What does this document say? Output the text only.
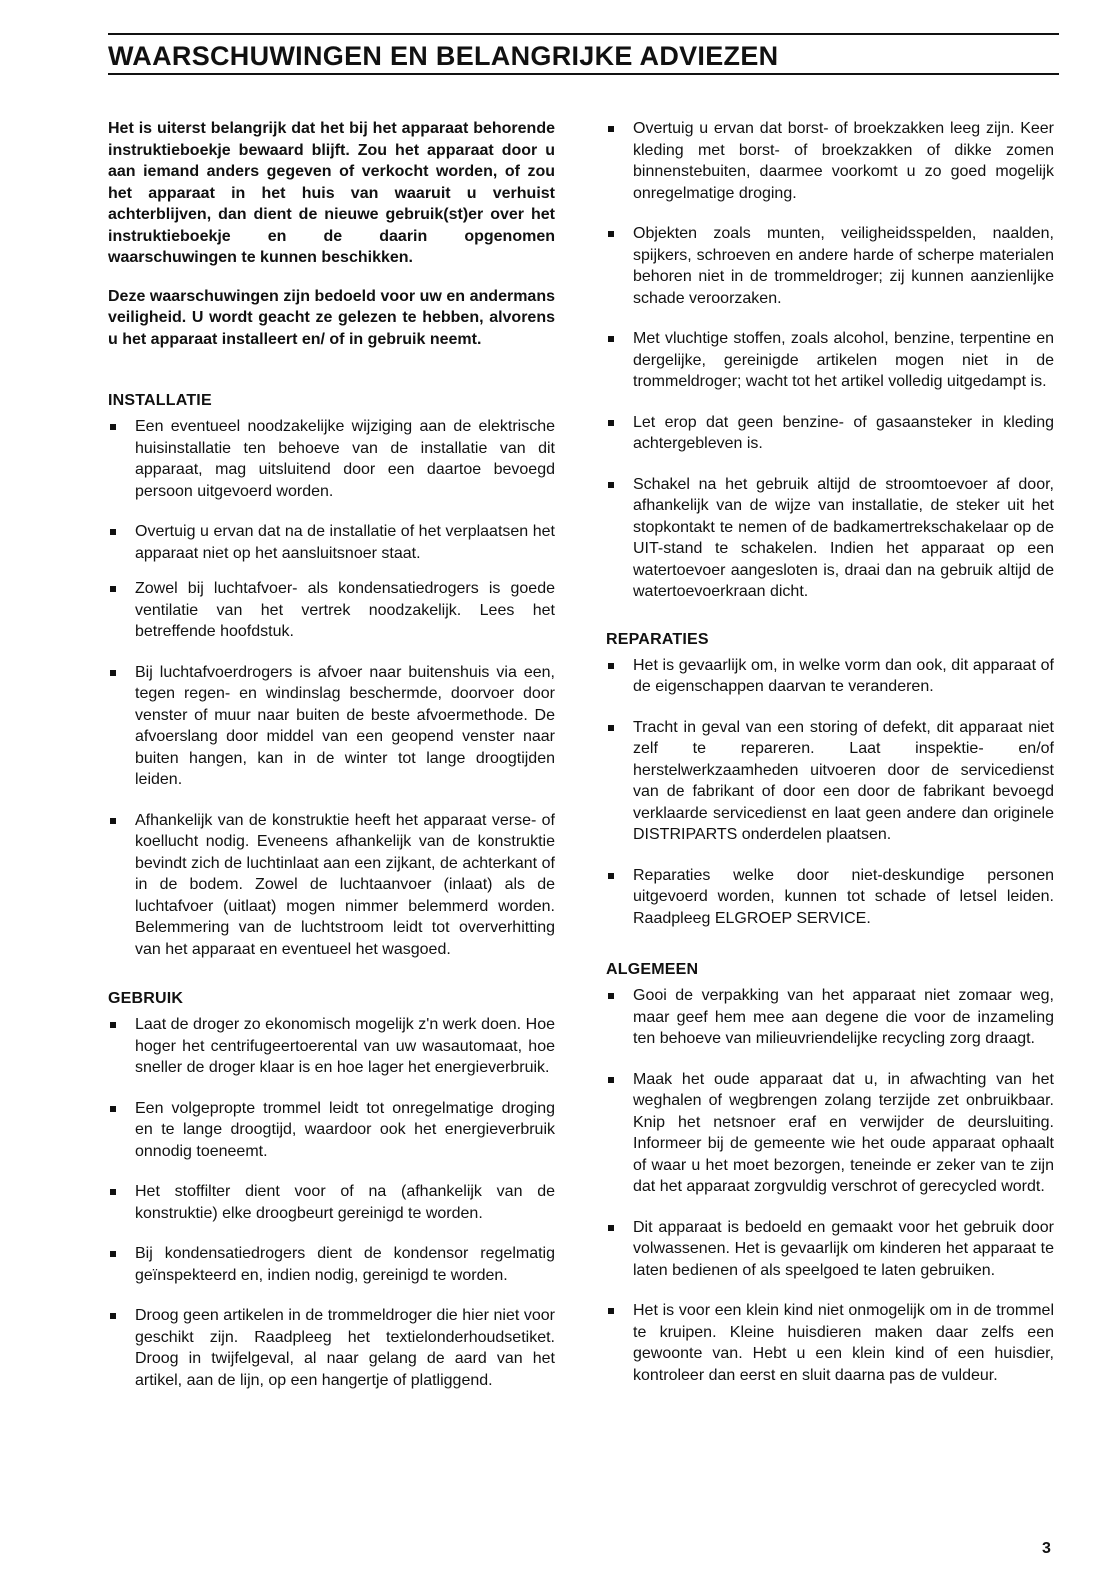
WAARSCHUWINGEN EN BELANGRIJKE ADVIEZEN

Het is uiterst belangrijk dat het bij het apparaat behorende instruktieboekje bewaard blijft. Zou het apparaat door u aan iemand anders gegeven of verkocht worden, of zou het apparaat in het huis van waaruit u verhuist achterblijven, dan dient de nieuwe gebruik(st)er over het instruktieboekje en de daarin opgenomen waarschuwingen te kunnen beschikken.

Deze waarschuwingen zijn bedoeld voor uw en andermans veiligheid. U wordt geacht ze gelezen te hebben, alvorens u het apparaat installeert en/ of in gebruik neemt.

INSTALLATIE
Een eventueel noodzakelijke wijziging aan de elektrische huisinstallatie ten behoeve van de installatie van dit apparaat, mag uitsluitend door een daartoe bevoegd persoon uitgevoerd worden.
Overtuig u ervan dat na de installatie of het verplaatsen het apparaat niet op het aansluitsnoer staat.
Zowel bij luchtafvoer- als kondensatiedrogers is goede ventilatie van het vertrek noodzakelijk. Lees het betreffende hoofdstuk.
Bij luchtafvoerdrogers is afvoer naar buitenshuis via een, tegen regen- en windinslag beschermde, doorvoer door venster of muur naar buiten de beste afvoermethode. De afvoerslang door middel van een geopend venster naar buiten hangen, kan in de winter tot lange droogtijden leiden.
Afhankelijk van de konstruktie heeft het apparaat verse- of koellucht nodig. Eveneens afhankelijk van de konstruktie bevindt zich de luchtinlaat aan een zijkant, de achterkant of in de bodem. Zowel de luchtaanvoer (inlaat) als de luchtafvoer (uitlaat) mogen nimmer belemmerd worden. Belemmering van de luchtstroom leidt tot oververhitting van het apparaat en eventueel het wasgoed.
GEBRUIK
Laat de droger zo ekonomisch mogelijk z'n werk doen. Hoe hoger het centrifugeertoerental van uw wasautomaat, hoe sneller de droger klaar is en hoe lager het energieverbruik.
Een volgepropte trommel leidt tot onregelmatige droging en te lange droogtijd, waardoor ook het energieverbruik onnodig toeneemt.
Het stoffilter dient voor of na (afhankelijk van de konstruktie) elke droogbeurt gereinigd te worden.
Bij kondensatiedrogers dient de kondensor regelmatig geïnspekteerd en, indien nodig, gereinigd te worden.
Droog geen artikelen in de trommeldroger die hier niet voor geschikt zijn. Raadpleeg het textielonderhoudsetiket. Droog in twijfelgeval, al naar gelang de aard van het artikel, aan de lijn, op een hangertje of platliggend.
Overtuig u ervan dat borst- of broekzakken leeg zijn. Keer kleding met borst- of broekzakken of dikke zomen binnenstebuiten, daarmee voorkomt u zo goed mogelijk onregelmatige droging.
Objekten zoals munten, veiligheidsspelden, naalden, spijkers, schroeven en andere harde of scherpe materialen behoren niet in de trommeldroger; zij kunnen aanzienlijke schade veroorzaken.
Met vluchtige stoffen, zoals alcohol, benzine, terpentine en dergelijke, gereinigde artikelen mogen niet in de trommeldroger; wacht tot het artikel volledig uitgedampt is.
Let erop dat geen benzine- of gasaansteker in kleding achtergebleven is.
Schakel na het gebruik altijd de stroomtoevoer af door, afhankelijk van de wijze van installatie, de steker uit het stopkontakt te nemen of de badkamertrekschakelaar op de UIT-stand te schakelen. Indien het apparaat op een watertoevoer aangesloten is, draai dan na gebruik altijd de watertoevoerkraan dicht.
REPARATIES
Het is gevaarlijk om, in welke vorm dan ook, dit apparaat of de eigenschappen daarvan te veranderen.
Tracht in geval van een storing of defekt, dit apparaat niet zelf te repareren. Laat inspektie- en/of herstelwerkzaamheden uitvoeren door de servicedienst van de fabrikant of door een door de fabrikant bevoegd verklaarde servicedienst en laat geen andere dan originele DISTRIPARTS onderdelen plaatsen.
Reparaties welke door niet-deskundige personen uitgevoerd worden, kunnen tot schade of letsel leiden. Raadpleeg ELGROEP SERVICE.
ALGEMEEN
Gooi de verpakking van het apparaat niet zomaar weg, maar geef hem mee aan degene die voor de inzameling ten behoeve van milieuvriendelijke recycling zorg draagt.
Maak het oude apparaat dat u, in afwachting van het weghalen of wegbrengen zolang terzijde zet onbruikbaar. Knip het netsnoer eraf en verwijder de deursluiting. Informeer bij de gemeente wie het oude apparaat ophaalt of waar u het moet bezorgen, teneinde er zeker van te zijn dat het apparaat zorgvuldig verschrot of gerecycled wordt.
Dit apparaat is bedoeld en gemaakt voor het gebruik door volwassenen. Het is gevaarlijk om kinderen het apparaat te laten bedienen of als speelgoed te laten gebruiken.
Het is voor een klein kind niet onmogelijk om in de trommel te kruipen. Kleine huisdieren maken daar zelfs een gewoonte van. Hebt u een klein kind of een huisdier, kontroleer dan eerst en sluit daarna pas de vuldeur.
3
